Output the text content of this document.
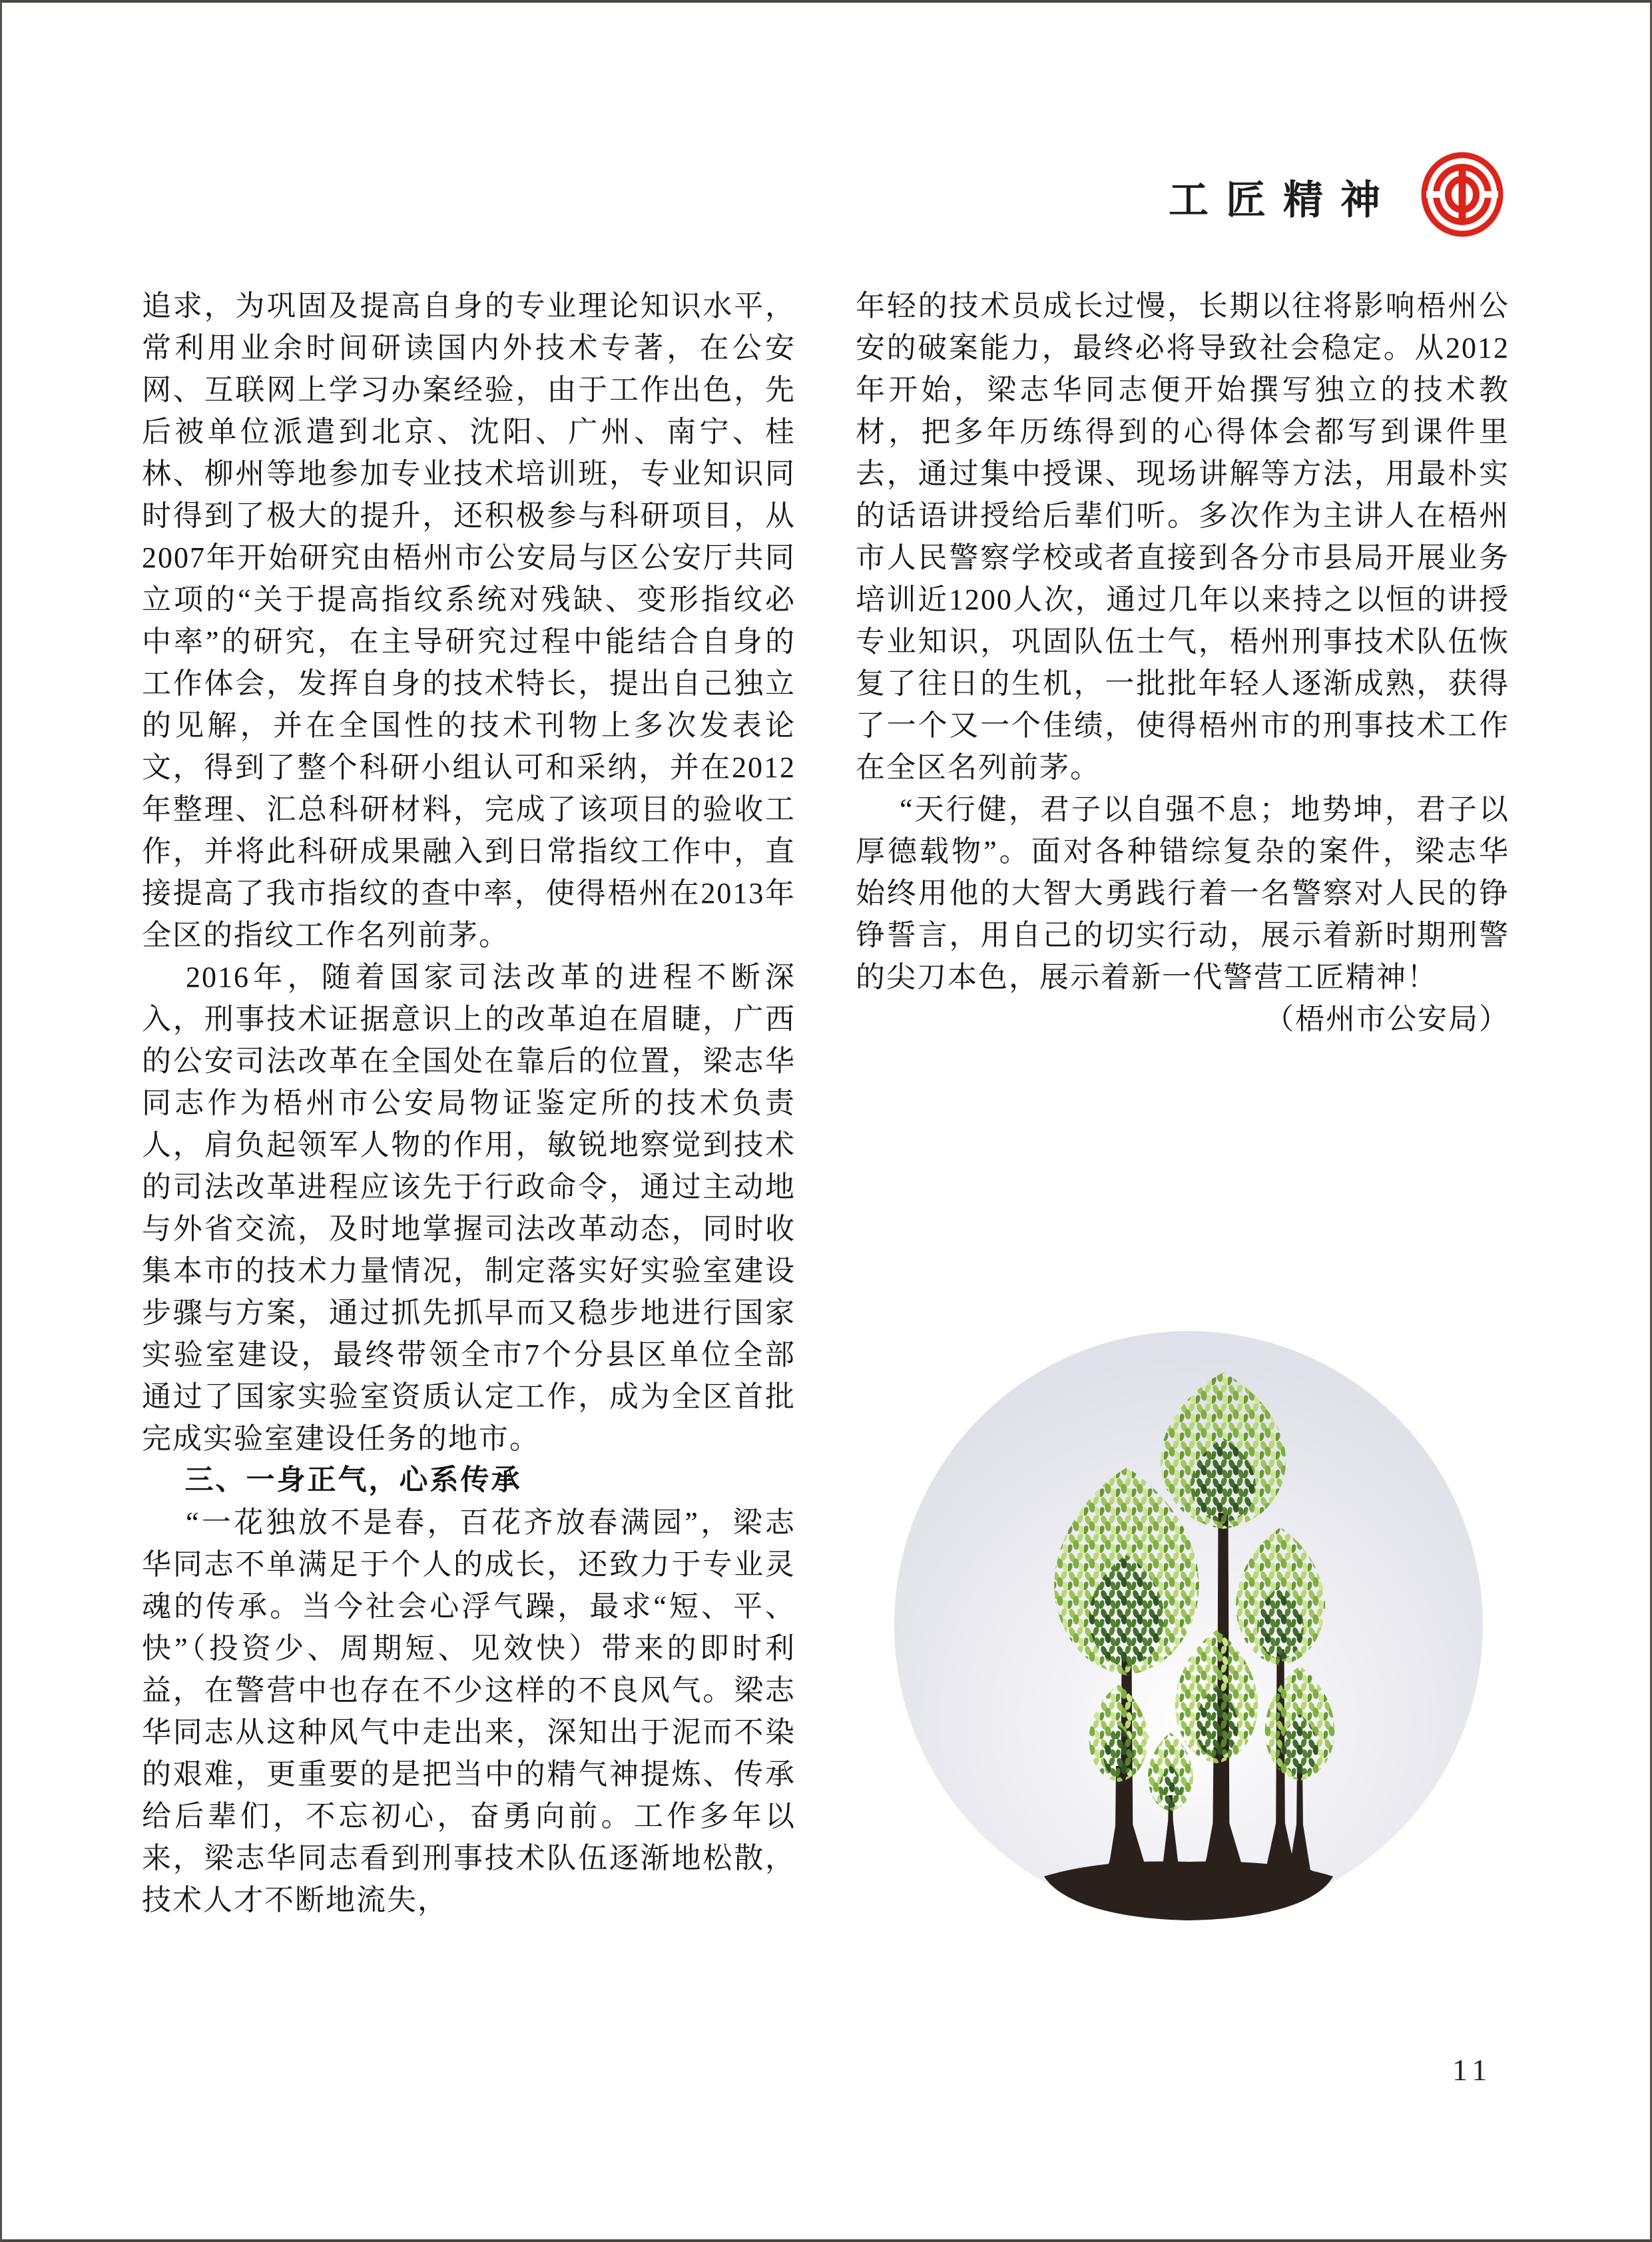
工匠精神

追求，为巩固及提高自身的专业理论知识水平，常利用业余时间研读国内外技术专著，在公安网、互联网上学习办案经验，由于工作出色，先后被单位派遣到北京、沈阳、广州、南宁、桂林、柳州等地参加专业技术培训班，专业知识同时得到了极大的提升，还积极参与科研项目，从2007年开始研究由梧州市公安局与区公安厅共同立项的“关于提高指纹系统对残缺、变形指纹必中率”的研究，在主导研究过程中能结合自身的工作体会，发挥自身的技术特长，提出自己独立的见解，并在全国性的技术刊物上多次发表论文，得到了整个科研小组认可和采纳，并在2012年整理、汇总科研材料，完成了该项目的验收工作，并将此科研成果融入到日常指纹工作中，直接提高了我市指纹的查中率，使得梧州在2013年全区的指纹工作名列前茅。

2016年，随着国家司法改革的进程不断深入，刑事技术证据意识上的改革迫在眉睫，广西的公安司法改革在全国处在靠后的位置，梁志华同志作为梧州市公安局物证鉴定所的技术负责人，肩负起领军人物的作用，敏锐地察觉到技术的司法改革进程应该先于行政命令，通过主动地与外省交流，及时地掌握司法改革动态，同时收集本市的技术力量情况，制定落实好实验室建设步骤与方案，通过抓先抓早而又稳步地进行国家实验室建设，最终带领全市7个分县区单位全部通过了国家实验室资质认定工作，成为全区首批完成实验室建设任务的地市。

三、一身正气，心系传承

“一花独放不是春，百花齐放春满园”，梁志华同志不单满足于个人的成长，还致力于专业灵魂的传承。当今社会心浮气躁，最求“短、平、快”（投资少、周期短、见效快）带来的即时利益，在警营中也存在不少这样的不良风气。梁志华同志从这种风气中走出来，深知出于泥而不染的艰难，更重要的是把当中的精气神提炼、传承给后辈们，不忘初心，奋勇向前。工作多年以来，梁志华同志看到刑事技术队伍逐渐地松散，技术人才不断地流失，

年轻的技术员成长过慢，长期以往将影响梧州公安的破案能力，最终必将导致社会稳定。从2012年开始，梁志华同志便开始撰写独立的技术教材，把多年历练得到的心得体会都写到课件里去，通过集中授课、现场讲解等方法，用最朴实的话语讲授给后辈们听。多次作为主讲人在梧州市人民警察学校或者直接到各分市县局开展业务培训近1200人次，通过几年以来持之以恒的讲授专业知识，巩固队伍士气，梧州刑事技术队伍恢复了往日的生机，一批批年轻人逐渐成熟，获得了一个又一个佳绩，使得梧州市的刑事技术工作在全区名列前茅。

“天行健，君子以自强不息；地势坤，君子以厚德载物”。面对各种错综复杂的案件，梁志华始终用他的大智大勇践行着一名警察对人民的铮铮誓言，用自己的切实行动，展示着新时期刑警的尖刀本色，展示着新一代警营工匠精神！
（梧州市公安局）

11
